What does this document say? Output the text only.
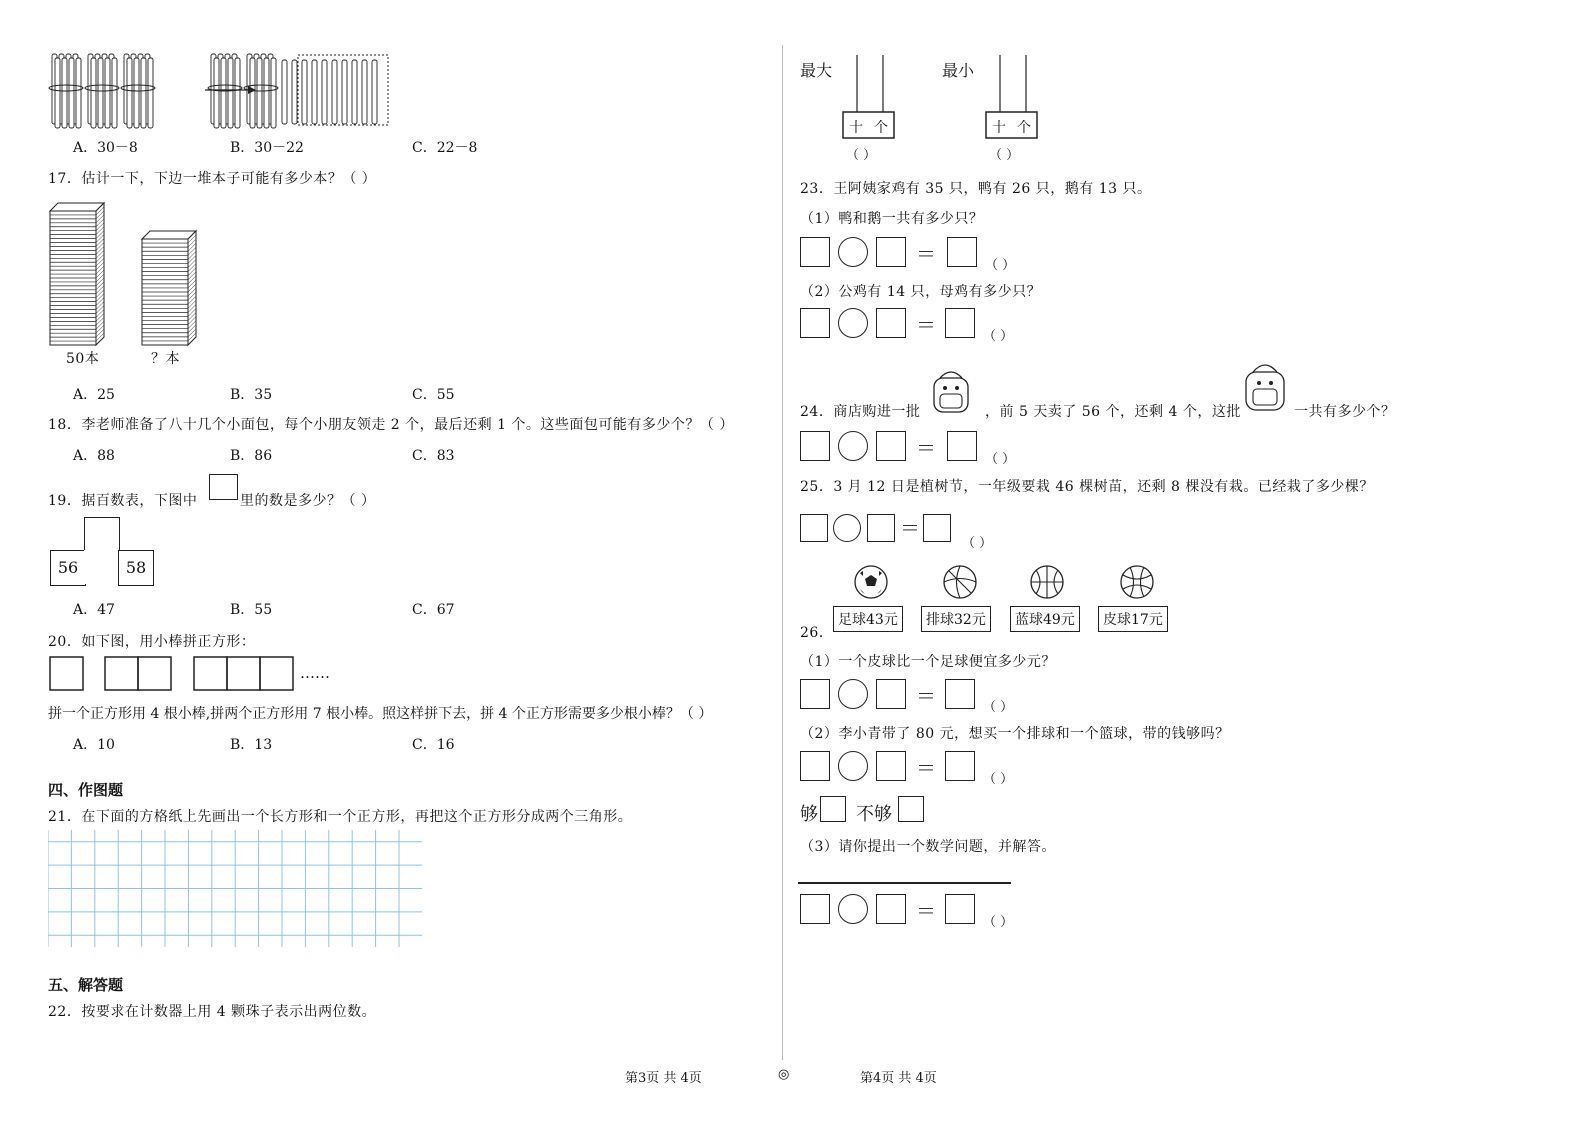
A．30－8	B．30－22	C．22－8
17．估计一下，下边一堆本子可能有多少本？（ ）
50本	？本
A．25	B．35	C．55
18．李老师准备了八十几个小面包，每个小朋友领走 2 个，最后还剩 1 个。这些面包可能有多少个？（ ）
A．88	B．86	C．83
19．据百数表，下图中	里的数是多少？（ ）
56	58
A．47	B．55	C．67
20．如下图，用小棒拼正方形：
……
拼一个正方形用 4 根小棒,拼两个正方形用 7 根小棒。照这样拼下去，拼 4 个正方形需要多少根小棒？（ ）
A．10	B．13	C．16
四、作图题
21．在下面的方格纸上先画出一个长方形和一个正方形，再把这个正方形分成两个三角形。
五、解答题
22．按要求在计数器上用 4 颗珠子表示出两位数。
最大	最小
十 个	十 个
（ ）	（ ）
23．王阿姨家鸡有 35 只，鸭有 26 只，鹅有 13 只。
（1）鸭和鹅一共有多少只？
＝	（ ）
（2）公鸡有 14 只，母鸡有多少只？
＝	（ ）
24．商店购进一批	，前 5 天卖了 56 个，还剩 4 个，这批	一共有多少个？
＝	（ ）
25．3 月 12 日是植树节，一年级要栽 46 棵树苗，还剩 8 棵没有栽。已经栽了多少棵？
＝
（ ）
26．
足球43元	排球32元	蓝球49元	皮球17元
（1）一个皮球比一个足球便宜多少元？
＝	（ ）
（2）李小青带了 80 元，想买一个排球和一个篮球，带的钱够吗？
＝	（ ）
够 不够
（3）请你提出一个数学问题，并解答。
＝	（ ）
第3页 共 4页	◎	第4页 共 4页
